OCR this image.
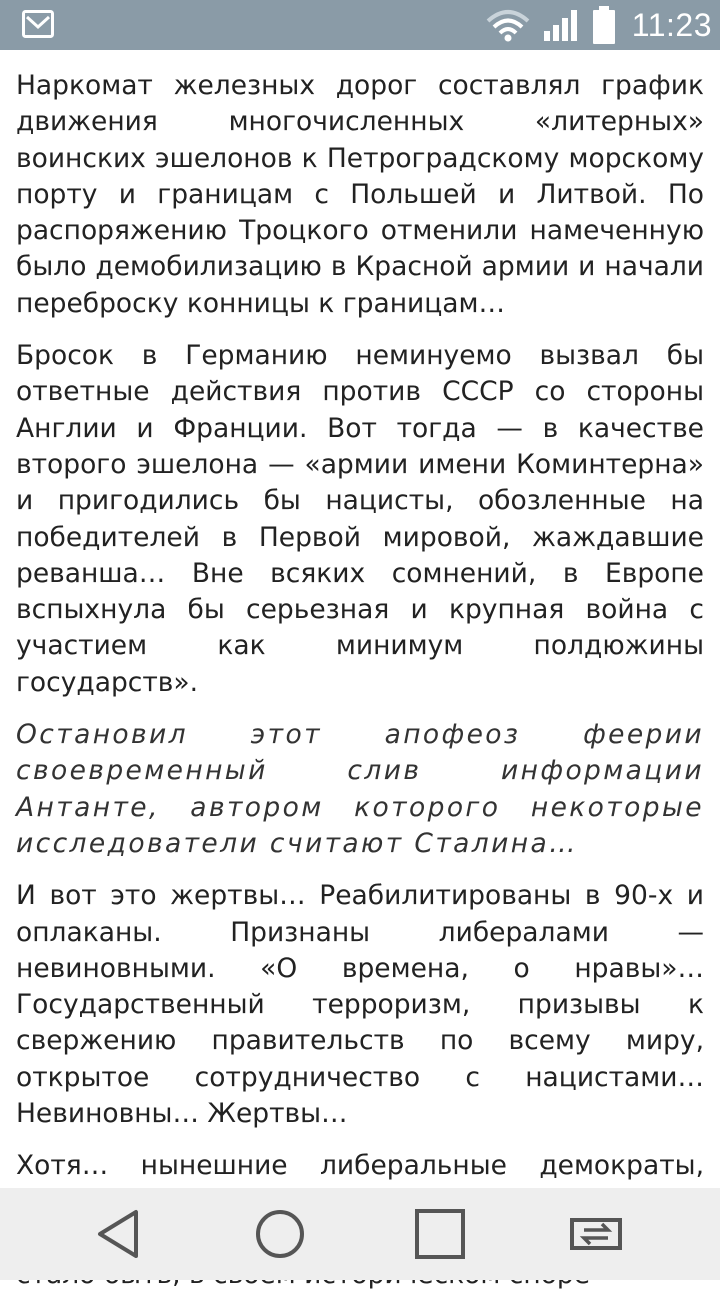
11:23

Наркомат железных дорог составлял график движения многочисленных «литерных» воинских эшелонов к Петроградскому морскому порту и границам с Польшей и Литвой. По распоряжению Троцкого отменили намеченную было демобилизацию в Красной армии и начали переброску конницы к границам…

Бросок в Германию неминуемо вызвал бы ответные действия против СССР со стороны Англии и Франции. Вот тогда — в качестве второго эшелона — «армии имени Коминтерна» и пригодились бы нацисты, обозленные на победителей в Первой мировой, жаждавшие реванша… Вне всяких сомнений, в Европе вспыхнула бы серьезная и крупная война с участием как минимум полдюжины государств».

Остановил этот апофеоз феерии своевременный слив информации Антанте, автором которого некоторые исследователи считают Сталина…

И вот это жертвы… Реабилитированы в 90-х и оплаканы. Признаны либералами — невиновными. «О времена, о нравы»… Государственный терроризм, призывы к свержению правительств по всему миру, открытое сотрудничество с нацистами… Невиновны… Жертвы…

Хотя… нынешние либеральные демократы,
